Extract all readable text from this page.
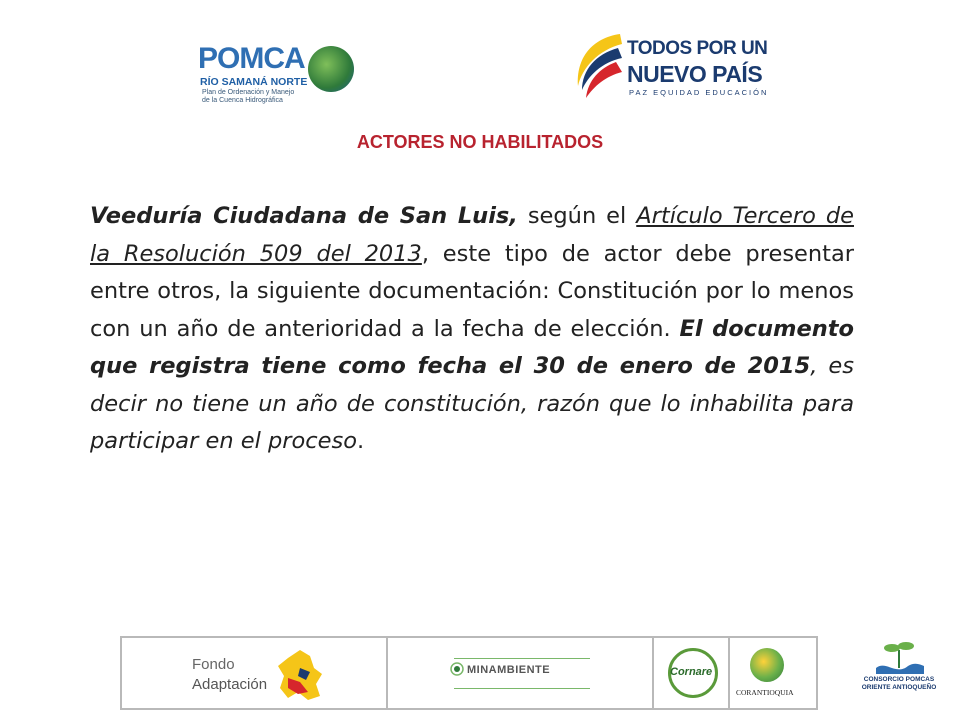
POMCA
RÍO SAMANÁ NORTE
Plan de Ordenación y Manejo
de la Cuenca Hidrográfica
TODOS POR UN
NUEVO PAÍS
PAZ EQUIDAD EDUCACIÓN
ACTORES NO HABILITADOS
Veeduría Ciudadana de San Luis, según el Artículo Tercero de la Resolución 509 del 2013, este tipo de actor debe presentar entre otros, la siguiente documentación: Constitución por lo menos con un año de anterioridad a la fecha de elección. El documento que registra tiene como fecha el 30 de enero de 2015, es decir no tiene un año de constitución, razón que lo inhabilita para participar en el proceso.
Fondo
Adaptación
MINAMBIENTE	Cornare
CORANTIOQUIA
CONSORCIO POMCAS ORIENTE ANTIOQUEÑO
